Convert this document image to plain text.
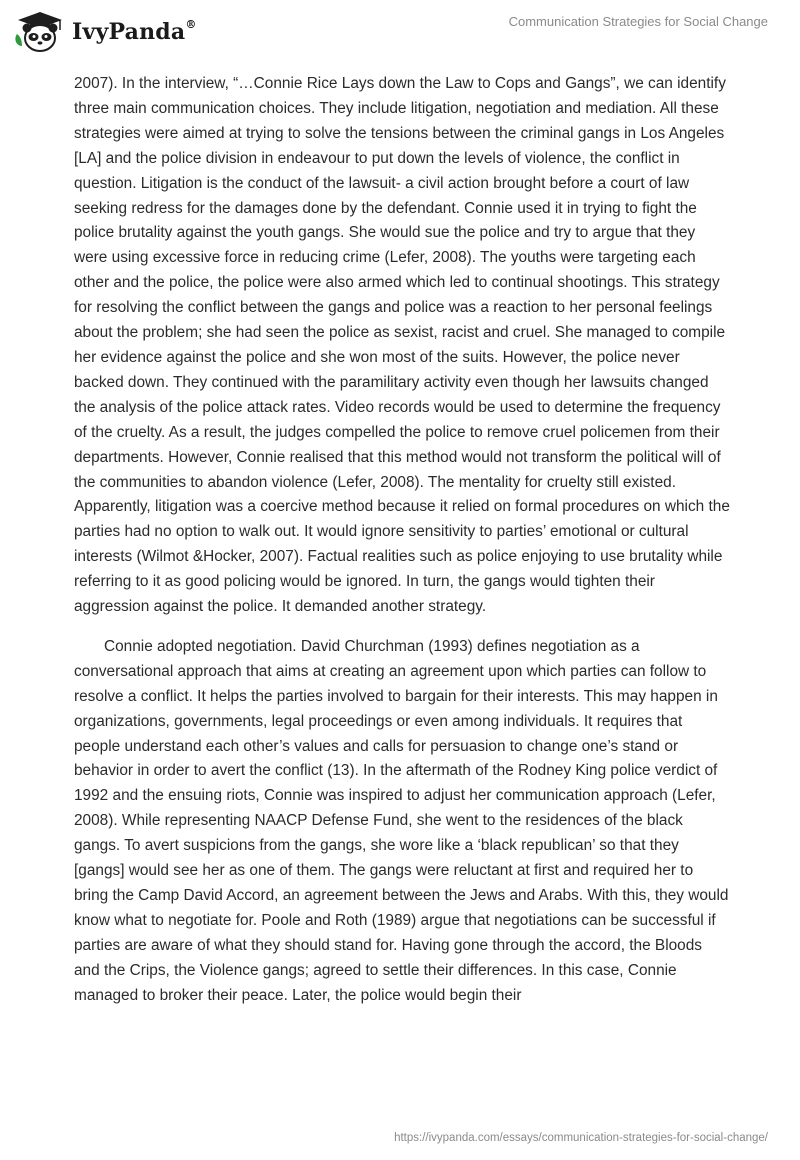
IvyPanda®	Communication Strategies for Social Change

2007). In the interview, “…Connie Rice Lays down the Law to Cops and Gangs”, we can identify three main communication choices. They include litigation, negotiation and mediation. All these strategies were aimed at trying to solve the tensions between the criminal gangs in Los Angeles [LA] and the police division in endeavour to put down the levels of violence, the conflict in question. Litigation is the conduct of the lawsuit- a civil action brought before a court of law seeking redress for the damages done by the defendant. Connie used it in trying to fight the police brutality against the youth gangs. She would sue the police and try to argue that they were using excessive force in reducing crime (Lefer, 2008). The youths were targeting each other and the police, the police were also armed which led to continual shootings. This strategy for resolving the conflict between the gangs and police was a reaction to her personal feelings about the problem; she had seen the police as sexist, racist and cruel. She managed to compile her evidence against the police and she won most of the suits. However, the police never backed down. They continued with the paramilitary activity even though her lawsuits changed the analysis of the police attack rates. Video records would be used to determine the frequency of the cruelty. As a result, the judges compelled the police to remove cruel policemen from their departments. However, Connie realised that this method would not transform the political will of the communities to abandon violence (Lefer, 2008). The mentality for cruelty still existed. Apparently, litigation was a coercive method because it relied on formal procedures on which the parties had no option to walk out. It would ignore sensitivity to parties’ emotional or cultural interests (Wilmot &Hocker, 2007). Factual realities such as police enjoying to use brutality while referring to it as good policing would be ignored. In turn, the gangs would tighten their aggression against the police. It demanded another strategy.

Connie adopted negotiation. David Churchman (1993) defines negotiation as a conversational approach that aims at creating an agreement upon which parties can follow to resolve a conflict. It helps the parties involved to bargain for their interests. This may happen in organizations, governments, legal proceedings or even among individuals. It requires that people understand each other’s values and calls for persuasion to change one’s stand or behavior in order to avert the conflict (13). In the aftermath of the Rodney King police verdict of 1992 and the ensuing riots, Connie was inspired to adjust her communication approach (Lefer, 2008). While representing NAACP Defense Fund, she went to the residences of the black gangs. To avert suspicions from the gangs, she wore like a ‘black republican’ so that they [gangs] would see her as one of them. The gangs were reluctant at first and required her to bring the Camp David Accord, an agreement between the Jews and Arabs. With this, they would know what to negotiate for. Poole and Roth (1989) argue that negotiations can be successful if parties are aware of what they should stand for. Having gone through the accord, the Bloods and the Crips, the Violence gangs; agreed to settle their differences. In this case, Connie managed to broker their peace. Later, the police would begin their

https://ivypanda.com/essays/communication-strategies-for-social-change/
